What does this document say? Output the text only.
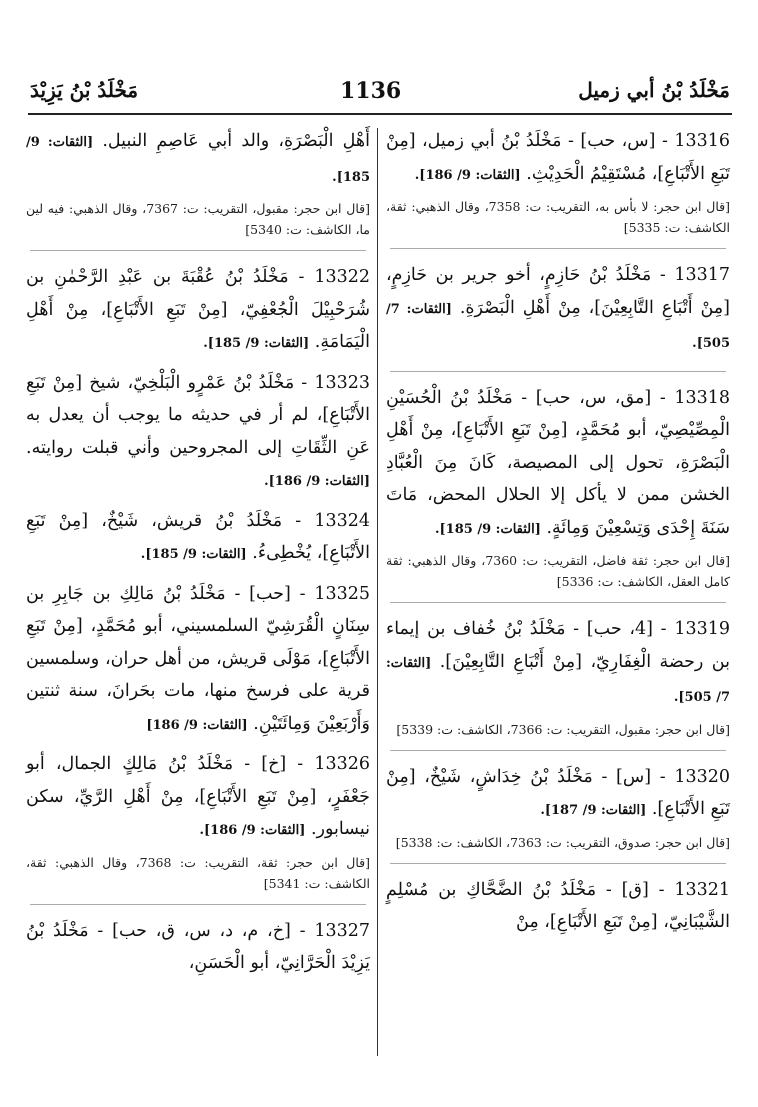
مَخْلَدُ بْنُ أبي زميل
1136
مَخْلَدُ بْنُ يَزِيْدَ
13316 - [س، حب] - مَخْلَدُ بْنُ أبي زميل، [مِنْ تَبَعِ الأَتْبَاعِ]، مُسْتَقِيْمُ الْحَدِيْثِ. [الثقات: 9/ 186].
[قال ابن حجر: لا بأس به، التقريب: ت: 7358، وقال الذهبي: ثقة، الكاشف: ت: 5335]
13317 - مَخْلَدُ بْنُ حَازِمٍ، أخو جرير بن حَازِمٍ، [مِنْ أَتْبَاعِ التَّابِعِيْنَ]، مِنْ أَهْلِ الْبَصْرَةِ. [الثقات: 7/ 505].
13318 - [مق، س، حب] - مَخْلَدُ بْنُ الْحُسَيْنِ الْمِصِّيْصِيّ، أبو مُحَمَّدٍ، [مِنْ تَبَعِ الأَتْبَاعِ]، مِنْ أَهْلِ الْبَصْرَةِ، تحول إلى المصيصة، كَانَ مِنَ الْعُبَّادِ الخشن ممن لا يأكل إلا الحلال المحض، مَاتَ سَنَةَ إِحْدَى وَتِسْعِيْنَ وَمِائَةٍ. [الثقات: 9/ 185].
[قال ابن حجر: ثقة فاضل، التقريب: ت: 7360، وقال الذهبي: ثقة كامل العقل، الكاشف: ت: 5336]
13319 - [4، حب] - مَخْلَدُ بْنُ خُفاف بن إيماء بن رحضة الْغِفَارِيّ، [مِنْ أَتْبَاعِ التَّابِعِيْنَ]. [الثقات: 7/ 505].
[قال ابن حجر: مقبول، التقريب: ت: 7366، الكاشف: ت: 5339]
13320 - [س] - مَخْلَدُ بْنُ خِدَاشٍ، شَيْخٌ، [مِنْ تَبَعِ الأَتْبَاعِ]. [الثقات: 9/ 187].
[قال ابن حجر: صدوق، التقريب: ت: 7363، الكاشف: ت: 5338]
13321 - [ق] - مَخْلَدُ بْنُ الضَّحَّاكِ بن مُسْلِمٍ الشَّيْبَانِيّ، [مِنْ تَبَعِ الأَتْبَاعِ]، مِنْ
أَهْلِ الْبَصْرَةِ، والد أبي عَاصِمِ النبيل. [الثقات: 9/ 185].
[قال ابن حجر: مقبول، التقريب: ت: 7367، وقال الذهبي: فيه لين ما، الكاشف: ت: 5340]
13322 - مَخْلَدُ بْنُ عُقْبَةَ بن عَبْدِ الرَّحْمٰنِ بن شُرَحْبِيْلَ الْجُعْفِيّ، [مِنْ تَبَعِ الأَتْبَاعِ]، مِنْ أَهْلِ الْيَمَامَةِ. [الثقات: 9/ 185].
13323 - مَخْلَدُ بْنُ عَمْرٍو الْبَلْخِيّ، شيخ [مِنْ تَبَعِ الأَتْبَاعِ]، لم أر في حديثه ما يوجب أن يعدل به عَنِ الثِّقَاتِ إلى المجروحين وأني قبلت روايته. [الثقات: 9/ 186].
13324 - مَخْلَدُ بْنُ قريش، شَيْخٌ، [مِنْ تَبَعِ الأَتْبَاعِ]، يُخْطِىءُ. [الثقات: 9/ 185].
13325 - [حب] - مَخْلَدُ بْنُ مَالِكِ بن جَابِرِ بن سِنَانٍ الْقُرَشِيّ السلمسيني، أبو مُحَمَّدٍ، [مِنْ تَبَعِ الأَتْبَاعِ]، مَوْلَى قريش، من أهل حران، وسلمسين قرية على فرسخ منها، مات بحَرانَ، سنة ثنتين وَأَرْبَعِيْنَ وَمِائَتَيْنِ. [الثقات: 9/ 186]
13326 - [خ] - مَخْلَدُ بْنُ مَالِكٍ الجمال، أبو جَعْفَرٍ، [مِنْ تَبَعِ الأَتْبَاعِ]، مِنْ أَهْلِ الرَّيِّ، سكن نيسابور. [الثقات: 9/ 186].
[قال ابن حجر: ثقة، التقريب: ت: 7368، وقال الذهبي: ثقة، الكاشف: ت: 5341]
13327 - [خ، م، د، س، ق، حب] - مَخْلَدُ بْنُ يَزِيْدَ الْحَرَّانِيّ، أبو الْحَسَنِ،
